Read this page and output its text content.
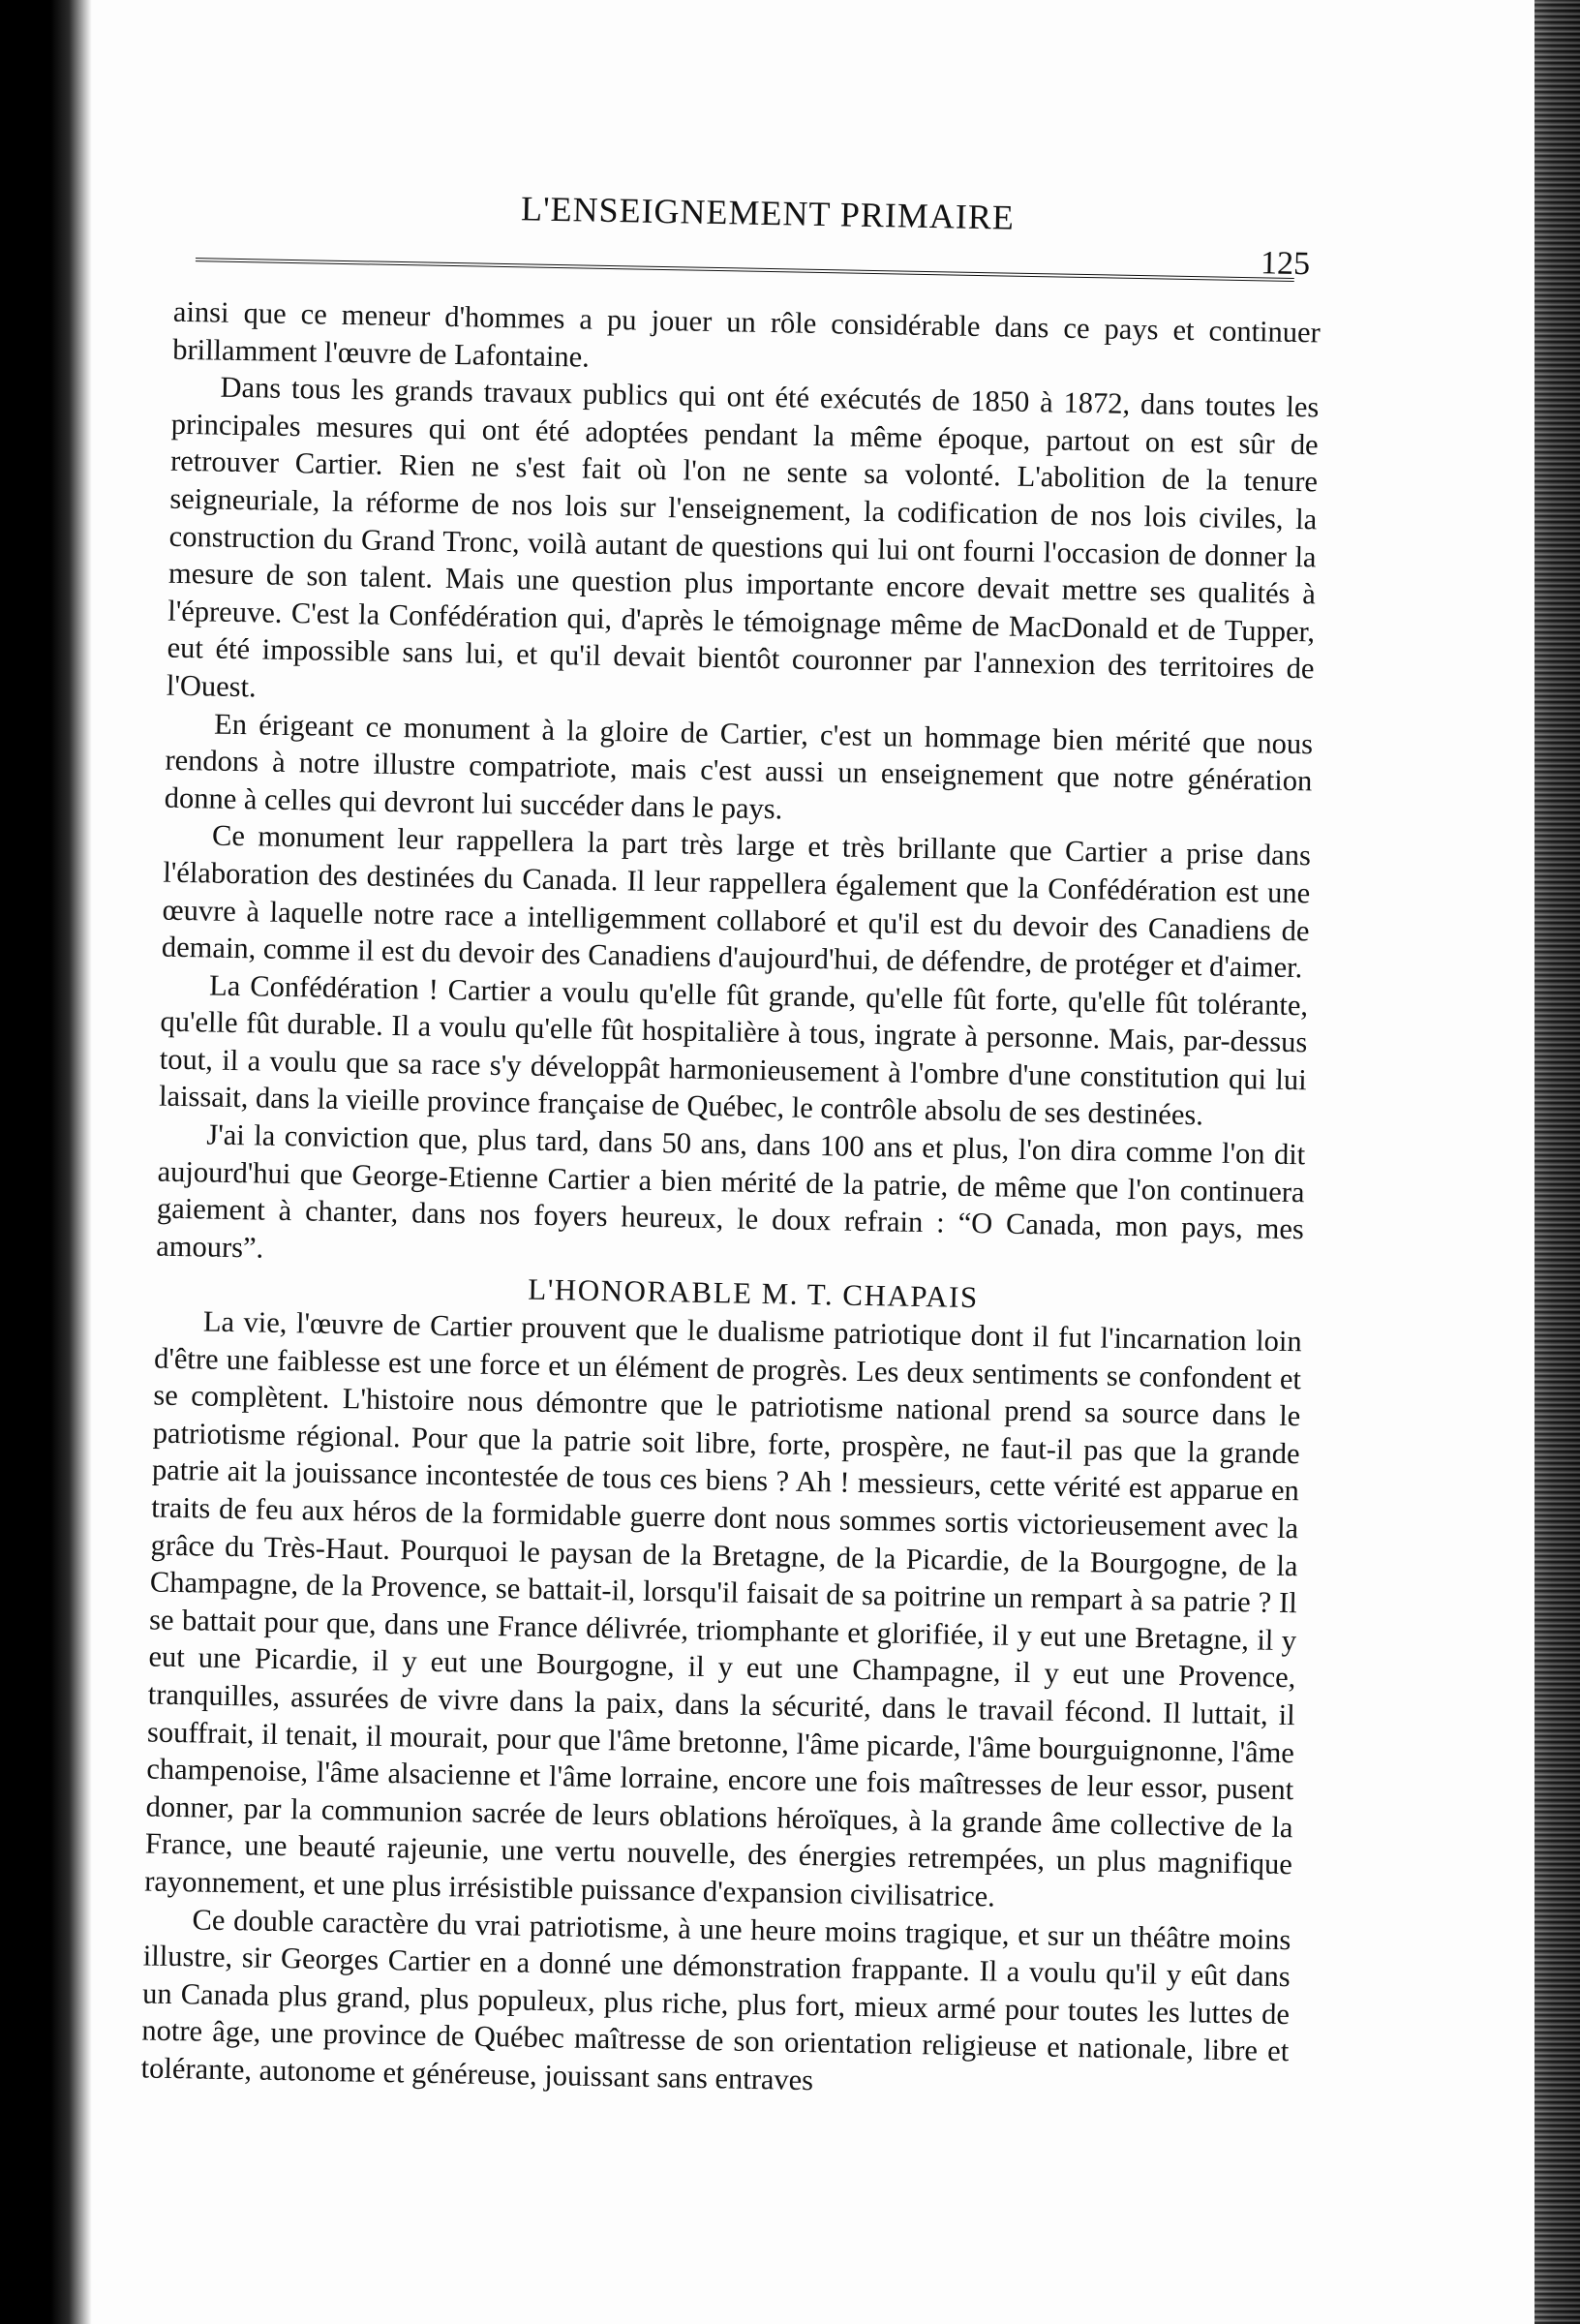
L'ENSEIGNEMENT PRIMAIRE
125

ainsi que ce meneur d'hommes a pu jouer un rôle considérable dans ce pays et continuer brillamment l'œuvre de Lafontaine.

Dans tous les grands travaux publics qui ont été exécutés de 1850 à 1872, dans toutes les principales mesures qui ont été adoptées pendant la même époque, partout on est sûr de retrouver Cartier. Rien ne s'est fait où l'on ne sente sa volonté. L'abolition de la tenure seigneuriale, la réforme de nos lois sur l'enseignement, la codification de nos lois civiles, la construction du Grand Tronc, voilà autant de questions qui lui ont fourni l'occasion de donner la mesure de son talent. Mais une question plus importante encore devait mettre ses qualités à l'épreuve. C'est la Confédération qui, d'après le témoignage même de MacDonald et de Tupper, eut été impossible sans lui, et qu'il devait bientôt couronner par l'annexion des territoires de l'Ouest.

En érigeant ce monument à la gloire de Cartier, c'est un hommage bien mérité que nous rendons à notre illustre compatriote, mais c'est aussi un enseignement que notre génération donne à celles qui devront lui succéder dans le pays.

Ce monument leur rappellera la part très large et très brillante que Cartier a prise dans l'élaboration des destinées du Canada. Il leur rappellera également que la Confédération est une œuvre à laquelle notre race a intelligemment collaboré et qu'il est du devoir des Canadiens de demain, comme il est du devoir des Canadiens d'aujourd'hui, de défendre, de protéger et d'aimer.

La Confédération ! Cartier a voulu qu'elle fût grande, qu'elle fût forte, qu'elle fût tolérante, qu'elle fût durable. Il a voulu qu'elle fût hospitalière à tous, ingrate à personne. Mais, par-dessus tout, il a voulu que sa race s'y développât harmonieusement à l'ombre d'une constitution qui lui laissait, dans la vieille province française de Québec, le contrôle absolu de ses destinées.

J'ai la conviction que, plus tard, dans 50 ans, dans 100 ans et plus, l'on dira comme l'on dit aujourd'hui que George-Etienne Cartier a bien mérité de la patrie, de même que l'on continuera gaiement à chanter, dans nos foyers heureux, le doux refrain : “O Canada, mon pays, mes amours”.

L'HONORABLE M. T. CHAPAIS

La vie, l'œuvre de Cartier prouvent que le dualisme patriotique dont il fut l'incarnation loin d'être une faiblesse est une force et un élément de progrès. Les deux sentiments se confondent et se complètent. L'histoire nous démontre que le patriotisme national prend sa source dans le patriotisme régional. Pour que la patrie soit libre, forte, prospère, ne faut-il pas que la grande patrie ait la jouissance incontestée de tous ces biens ? Ah ! messieurs, cette vérité est apparue en traits de feu aux héros de la formidable guerre dont nous sommes sortis victorieusement avec la grâce du Très-Haut. Pourquoi le paysan de la Bretagne, de la Picardie, de la Bourgogne, de la Champagne, de la Provence, se battait-il, lorsqu'il faisait de sa poitrine un rempart à sa patrie ? Il se battait pour que, dans une France délivrée, triomphante et glorifiée, il y eut une Bretagne, il y eut une Picardie, il y eut une Bourgogne, il y eut une Champagne, il y eut une Provence, tranquilles, assurées de vivre dans la paix, dans la sécurité, dans le travail fécond. Il luttait, il souffrait, il tenait, il mourait, pour que l'âme bretonne, l'âme picarde, l'âme bourguignonne, l'âme champenoise, l'âme alsacienne et l'âme lorraine, encore une fois maîtresses de leur essor, pusent donner, par la communion sacrée de leurs oblations héroïques, à la grande âme collective de la France, une beauté rajeunie, une vertu nouvelle, des énergies retrempées, un plus magnifique rayonnement, et une plus irrésistible puissance d'expansion civilisatrice.

Ce double caractère du vrai patriotisme, à une heure moins tragique, et sur un théâtre moins illustre, sir Georges Cartier en a donné une démonstration frappante. Il a voulu qu'il y eût dans un Canada plus grand, plus populeux, plus riche, plus fort, mieux armé pour toutes les luttes de notre âge, une province de Québec maîtresse de son orientation religieuse et nationale, libre et tolérante, autonome et généreuse, jouissant sans entraves
